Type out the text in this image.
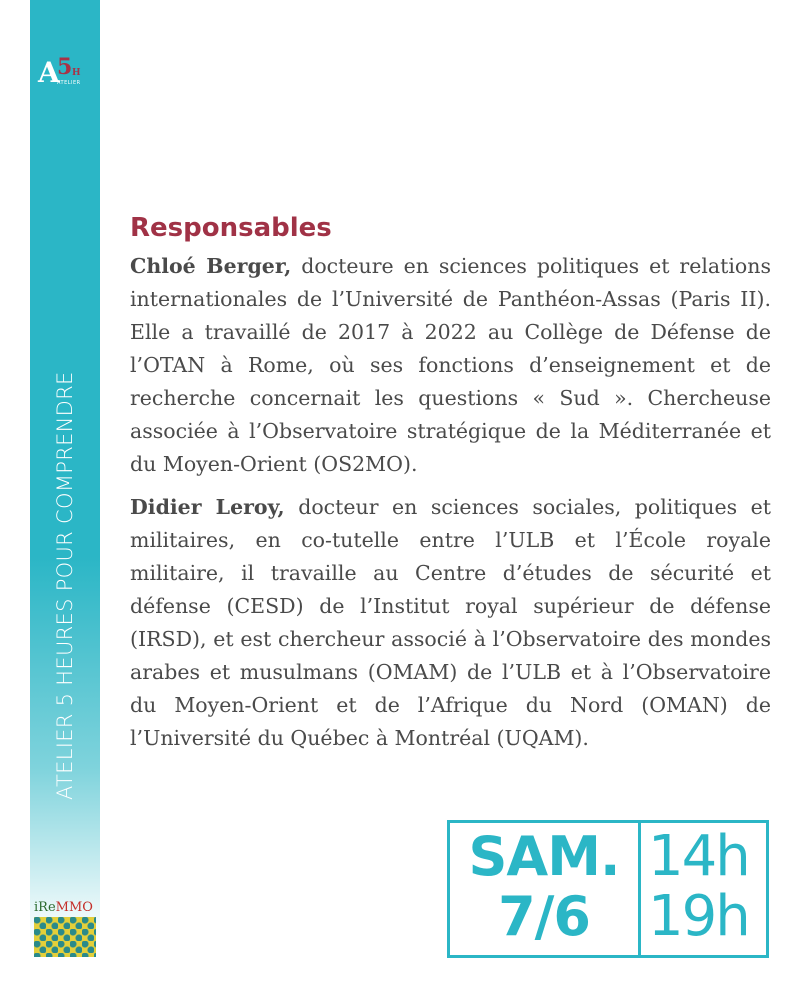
A
5 H
ATELIER
ATELIER 5 HEURES POUR COMPRENDRE
iReMMO
Responsables

Chloé Berger, docteure en sciences politiques et relations internationales de l’Université de Panthéon-Assas (Paris II). Elle a travaillé de 2017 à 2022 au Collège de Défense de l’OTAN à Rome, où ses fonctions d’enseignement et de recherche concernait les questions « Sud ». Chercheuse associée à l’Observatoire stratégique de la Méditerranée et du Moyen-Orient (OS2MO).

Didier Leroy, docteur en sciences sociales, politiques et militaires, en co-tutelle entre l’ULB et l’École royale militaire, il travaille au Centre d’études de sécurité et défense (CESD) de l’Institut royal supérieur de défense (IRSD), et est chercheur associé à l’Observatoire des mondes arabes et musulmans (OMAM) de l’ULB et à l’Observatoire du Moyen-Orient et de l’Afrique du Nord (OMAN) de l’Université du Québec à Montréal (UQAM).

SAM.
7/6
14h
19h
